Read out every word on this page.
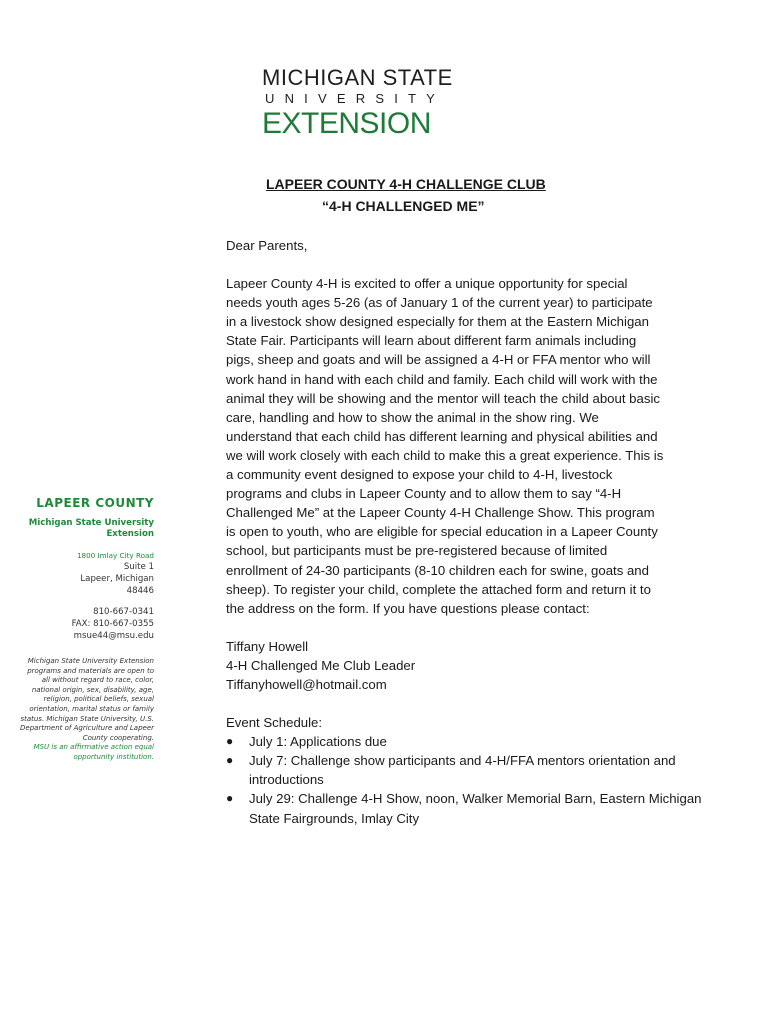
MICHIGAN STATE
UNIVERSITY
EXTENSION
LAPEER COUNTY 4-H CHALLENGE CLUB
“4-H CHALLENGED ME”

Dear Parents,

Lapeer County 4-H is excited to offer a unique opportunity for special needs youth ages 5-26 (as of January 1 of the current year) to participate in a livestock show designed especially for them at the Eastern Michigan State Fair. Participants will learn about different farm animals including pigs, sheep and goats and will be assigned a 4-H or FFA mentor who will work hand in hand with each child and family. Each child will work with the animal they will be showing and the mentor will teach the child about basic care, handling and how to show the animal in the show ring. We understand that each child has different learning and physical abilities and we will work closely with each child to make this a great experience. This is a community event designed to expose your child to 4-H, livestock programs and clubs in Lapeer County and to allow them to say “4-H Challenged Me” at the Lapeer County 4-H Challenge Show. This program is open to youth, who are eligible for special education in a Lapeer County school, but participants must be pre-registered because of limited enrollment of 24-30 participants (8-10 children each for swine, goats and sheep). To register your child, complete the attached form and return it to the address on the form. If you have questions please contact:

Tiffany Howell

4-H Challenged Me Club Leader

Tiffanyhowell@hotmail.com

Event Schedule:

● July 1: Applications due
● July 7: Challenge show participants and 4-H/FFA mentors orientation and introductions
● July 29: Challenge 4-H Show, noon, Walker Memorial Barn, Eastern Michigan State Fairgrounds, Imlay City
LAPEER COUNTY
Michigan State University
Extension
1800 Imlay City Road
Suite 1
Lapeer, Michigan
48446
810-667-0341
FAX: 810-667-0355
msue44@msu.edu
Michigan State University Extension programs and materials are open to all without regard to race, color, national origin, sex, disability, age, religion, political beliefs, sexual orientation, marital status or family status. Michigan State University, U.S. Department of Agriculture and Lapeer County cooperating.
MSU is an affirmative action equal opportunity institution.
